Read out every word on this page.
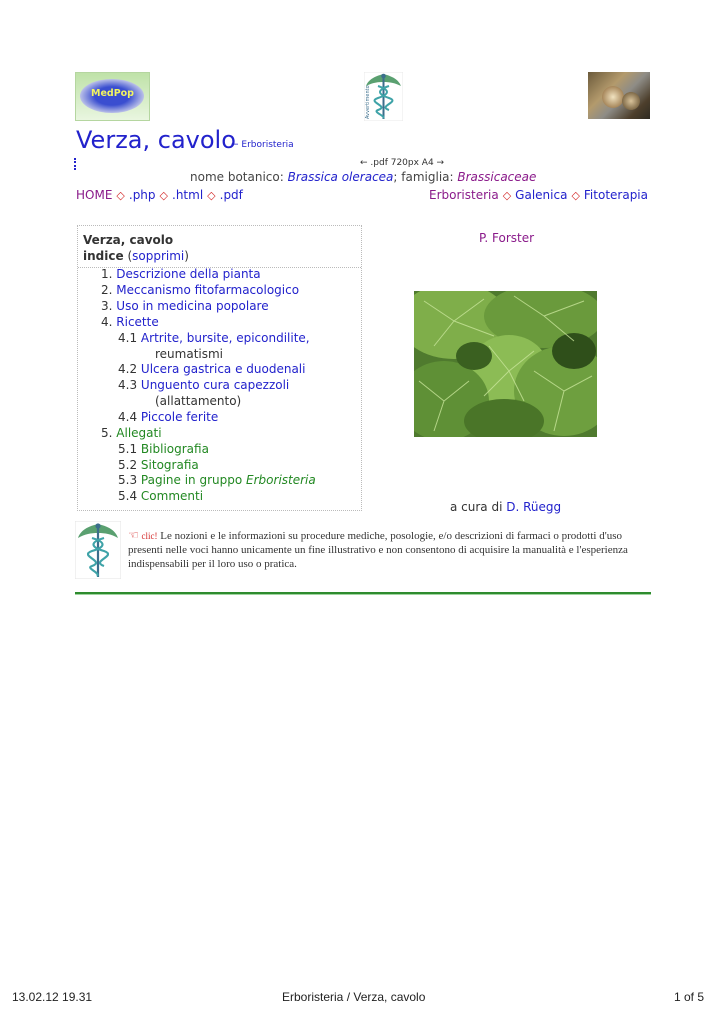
MedPop	Avvertimento
Verza, cavolo
← Erboristeria
← .pdf 720px A4 →
nome botanico: Brassica oleracea; famiglia: Brassicaceae
HOME ◇ .php ◇ .html ◇ .pdf	Erboristeria ◇ Galenica ◇ Fitoterapia
Verza, cavolo
indice (sopprimi)
1. Descrizione della pianta
2. Meccanismo fitofarmacologico
3. Uso in medicina popolare
4. Ricette
4.1 Artrite, bursite, epicondilite,
reumatismi
4.2 Ulcera gastrica e duodenali
4.3 Unguento cura capezzoli
(allattamento)
4.4 Piccole ferite
5. Allegati
5.1 Bibliografia
5.2 Sitografia
5.3 Pagine in gruppo Erboristeria
5.4 Commenti
P. Forster
a cura di D. Rüegg
☜ clic! Le nozioni e le informazioni su procedure mediche, posologie, e/o descrizioni di farmaci o prodotti d'uso presenti nelle voci hanno unicamente un fine illustrativo e non consentono di acquisire la manualità e l'esperienza indispensabili per il loro uso o pratica.
13.02.12 19.31	Erboristeria / Verza, cavolo	1 of 5
